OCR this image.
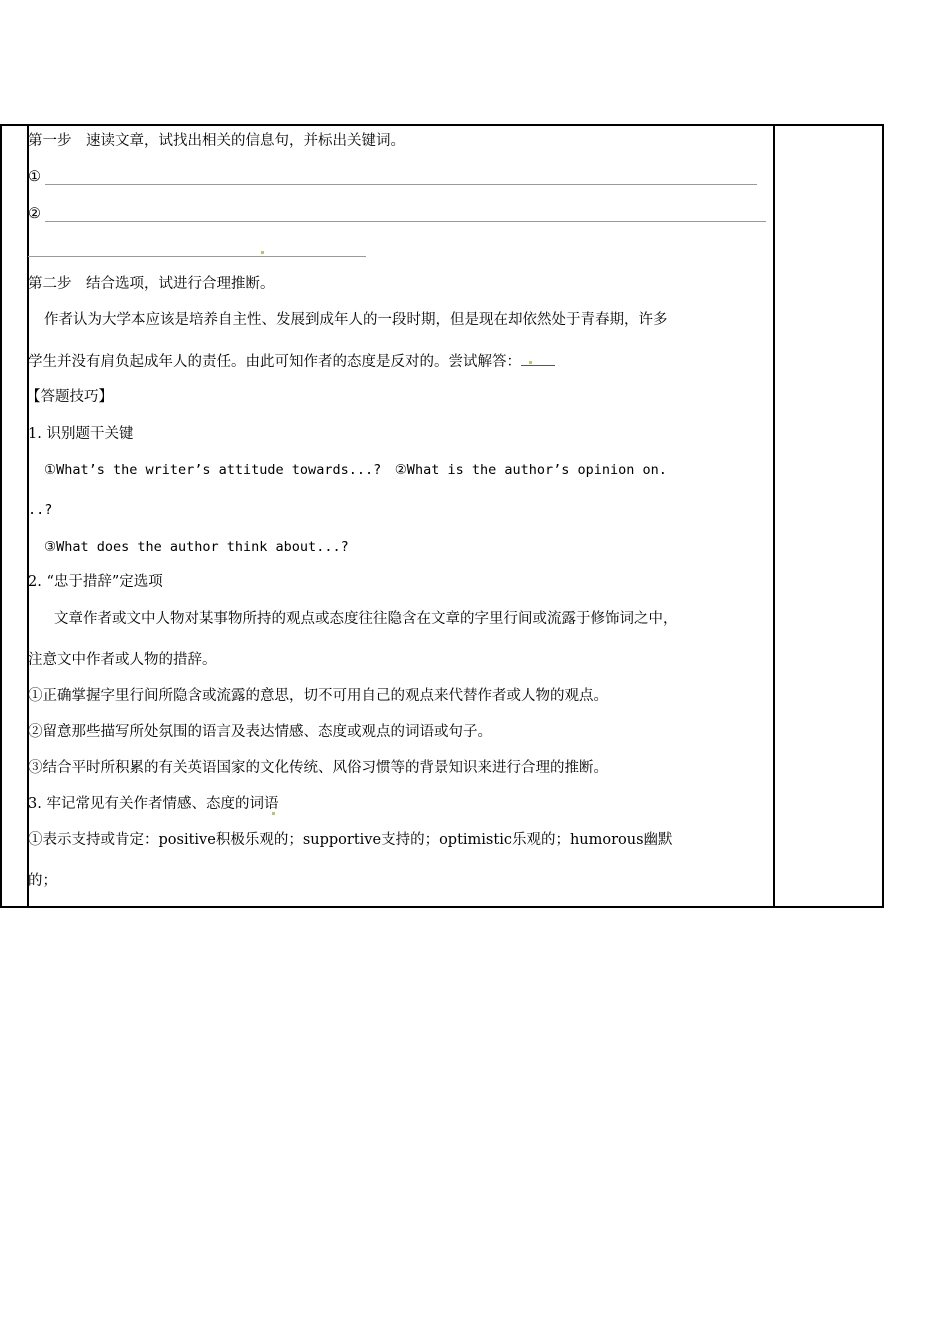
第一步　速读文章，试找出相关的信息句，并标出关键词。
①
②
第二步　结合选项，试进行合理推断。
作者认为大学本应该是培养自主性、发展到成年人的一段时期，但是现在却依然处于青春期，许多
学生并没有肩负起成年人的责任。由此可知作者的态度是反对的。尝试解答：
【答题技巧】
1. 识别题干关键
①What’s the writer’s attitude towards...?　②What is the author’s opinion on.
..?
③What does the author think about...?
2. “忠于措辞”定选项
文章作者或文中人物对某事物所持的观点或态度往往隐含在文章的字里行间或流露于修饰词之中，
注意文中作者或人物的措辞。
①正确掌握字里行间所隐含或流露的意思，切不可用自己的观点来代替作者或人物的观点。
②留意那些描写所处氛围的语言及表达情感、态度或观点的词语或句子。
③结合平时所积累的有关英语国家的文化传统、风俗习惯等的背景知识来进行合理的推断。
3. 牢记常见有关作者情感、态度的词语
①表示支持或肯定：positive积极乐观的；supportive支持的；optimistic乐观的；humorous幽默
的；
